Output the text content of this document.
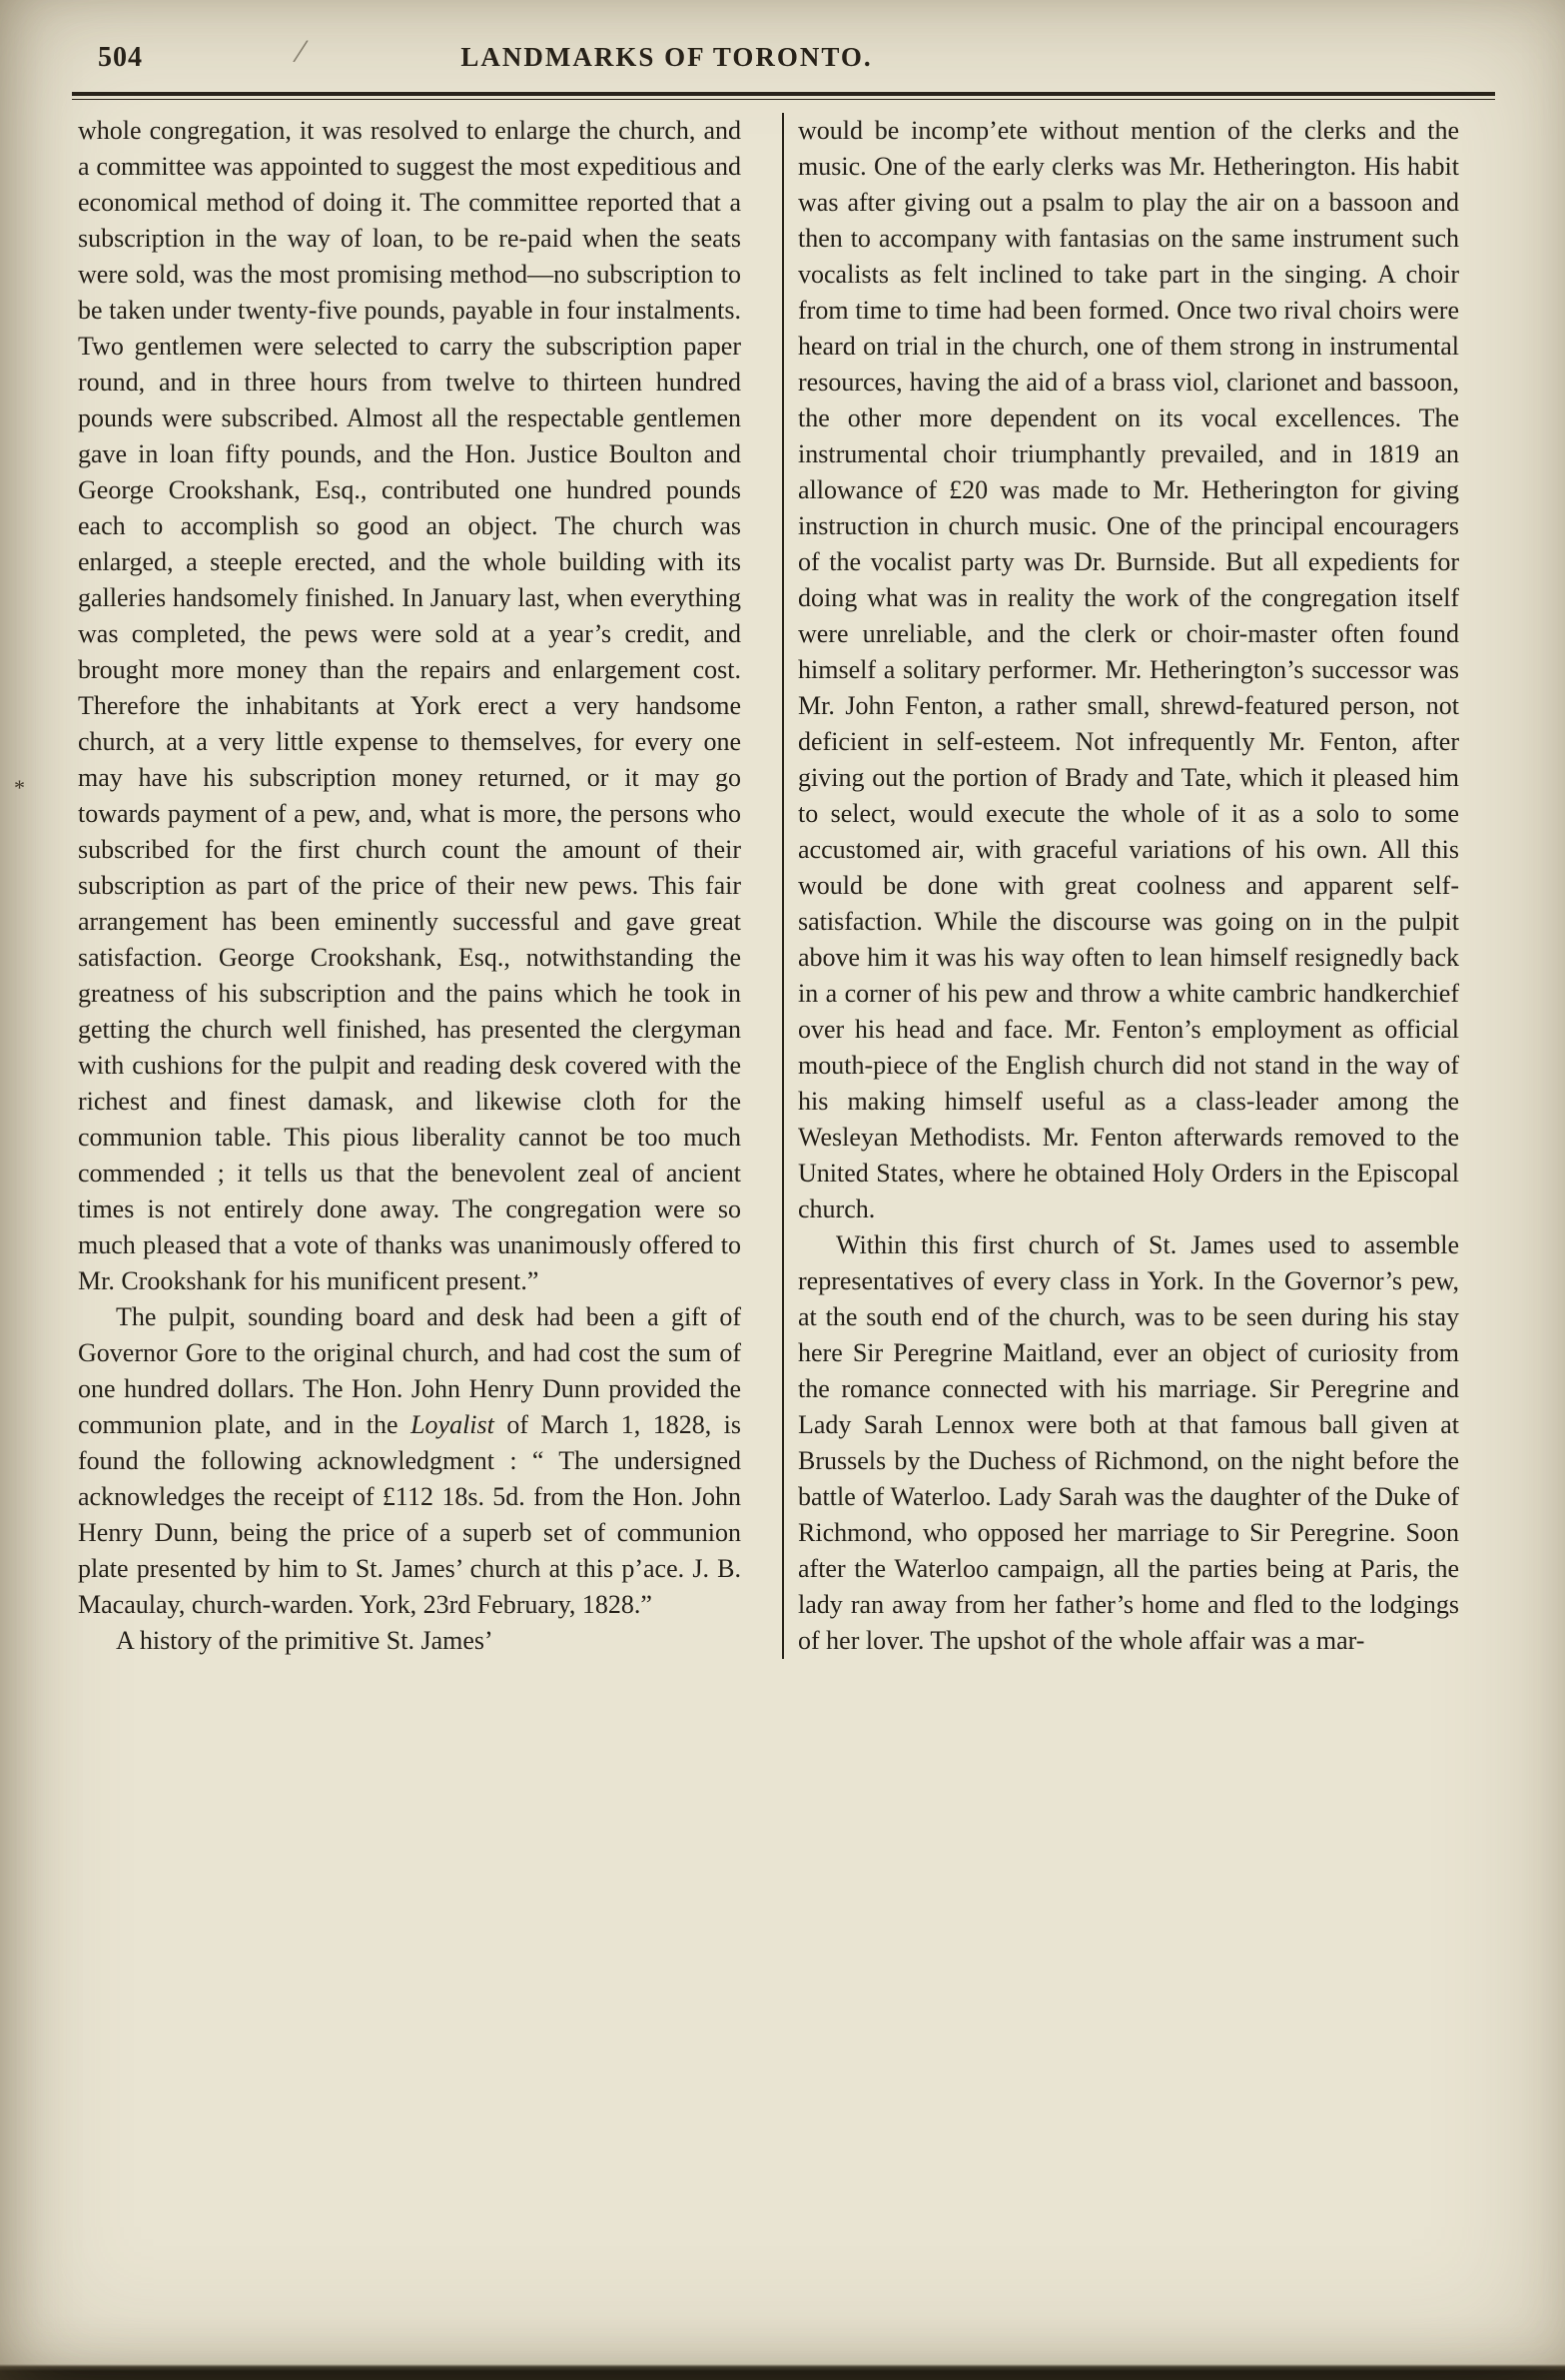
504	LANDMARKS OF TORONTO.
/
*

whole congregation, it was resolved to enlarge the church, and a committee was appointed to suggest the most expeditious and economical method of doing it. The committee reported that a subscription in the way of loan, to be re-paid when the seats were sold, was the most promising method—no subscription to be taken under twenty-five pounds, payable in four instalments. Two gentlemen were selected to carry the subscription paper round, and in three hours from twelve to thirteen hundred pounds were subscribed. Almost all the respectable gentlemen gave in loan fifty pounds, and the Hon. Justice Boulton and George Crookshank, Esq., contributed one hundred pounds each to accomplish so good an object. The church was enlarged, a steeple erected, and the whole building with its galleries handsomely finished. In January last, when everything was completed, the pews were sold at a year’s credit, and brought more money than the repairs and enlargement cost. Therefore the inhabitants at York erect a very handsome church, at a very little expense to themselves, for every one may have his subscription money returned, or it may go towards payment of a pew, and, what is more, the persons who subscribed for the first church count the amount of their subscription as part of the price of their new pews. This fair arrangement has been eminently successful and gave great satisfaction. George Crookshank, Esq., notwithstanding the greatness of his subscription and the pains which he took in getting the church well finished, has presented the clergyman with cushions for the pulpit and reading desk covered with the richest and finest damask, and likewise cloth for the communion table. This pious liberality cannot be too much commended ; it tells us that the benevolent zeal of ancient times is not entirely done away. The congregation were so much pleased that a vote of thanks was unanimously offered to Mr. Crookshank for his munificent present.”

The pulpit, sounding board and desk had been a gift of Governor Gore to the original church, and had cost the sum of one hundred dollars. The Hon. John Henry Dunn provided the communion plate, and in the Loyalist of March 1, 1828, is found the following acknowledgment : “ The undersigned acknowledges the receipt of £112 18s. 5d. from the Hon. John Henry Dunn, being the price of a superb set of communion plate presented by him to St. James’ church at this p’ace. J. B. Macaulay, church-warden. York, 23rd February, 1828.”

A history of the primitive St. James’

would be incomp’ete without mention of the clerks and the music. One of the early clerks was Mr. Hetherington. His habit was after giving out a psalm to play the air on a bassoon and then to accompany with fantasias on the same instrument such vocalists as felt inclined to take part in the singing. A choir from time to time had been formed. Once two rival choirs were heard on trial in the church, one of them strong in instrumental resources, having the aid of a brass viol, clarionet and bassoon, the other more dependent on its vocal excellences. The instrumental choir triumphantly prevailed, and in 1819 an allowance of £20 was made to Mr. Hetherington for giving instruction in church music. One of the principal encouragers of the vocalist party was Dr. Burnside. But all expedients for doing what was in reality the work of the congregation itself were unreliable, and the clerk or choir-master often found himself a solitary performer. Mr. Hetherington’s successor was Mr. John Fenton, a rather small, shrewd-featured person, not deficient in self-esteem. Not infrequently Mr. Fenton, after giving out the portion of Brady and Tate, which it pleased him to select, would execute the whole of it as a solo to some accustomed air, with graceful variations of his own. All this would be done with great coolness and apparent self-satisfaction. While the discourse was going on in the pulpit above him it was his way often to lean himself resignedly back in a corner of his pew and throw a white cambric handkerchief over his head and face. Mr. Fenton’s employment as official mouth-piece of the English church did not stand in the way of his making himself useful as a class-leader among the Wesleyan Methodists. Mr. Fenton afterwards removed to the United States, where he obtained Holy Orders in the Episcopal church.

Within this first church of St. James used to assemble representatives of every class in York. In the Governor’s pew, at the south end of the church, was to be seen during his stay here Sir Peregrine Maitland, ever an object of curiosity from the romance connected with his marriage. Sir Peregrine and Lady Sarah Lennox were both at that famous ball given at Brussels by the Duchess of Richmond, on the night before the battle of Waterloo. Lady Sarah was the daughter of the Duke of Richmond, who opposed her marriage to Sir Peregrine. Soon after the Waterloo campaign, all the parties being at Paris, the lady ran away from her father’s home and fled to the lodgings of her lover. The upshot of the whole affair was a mar-
